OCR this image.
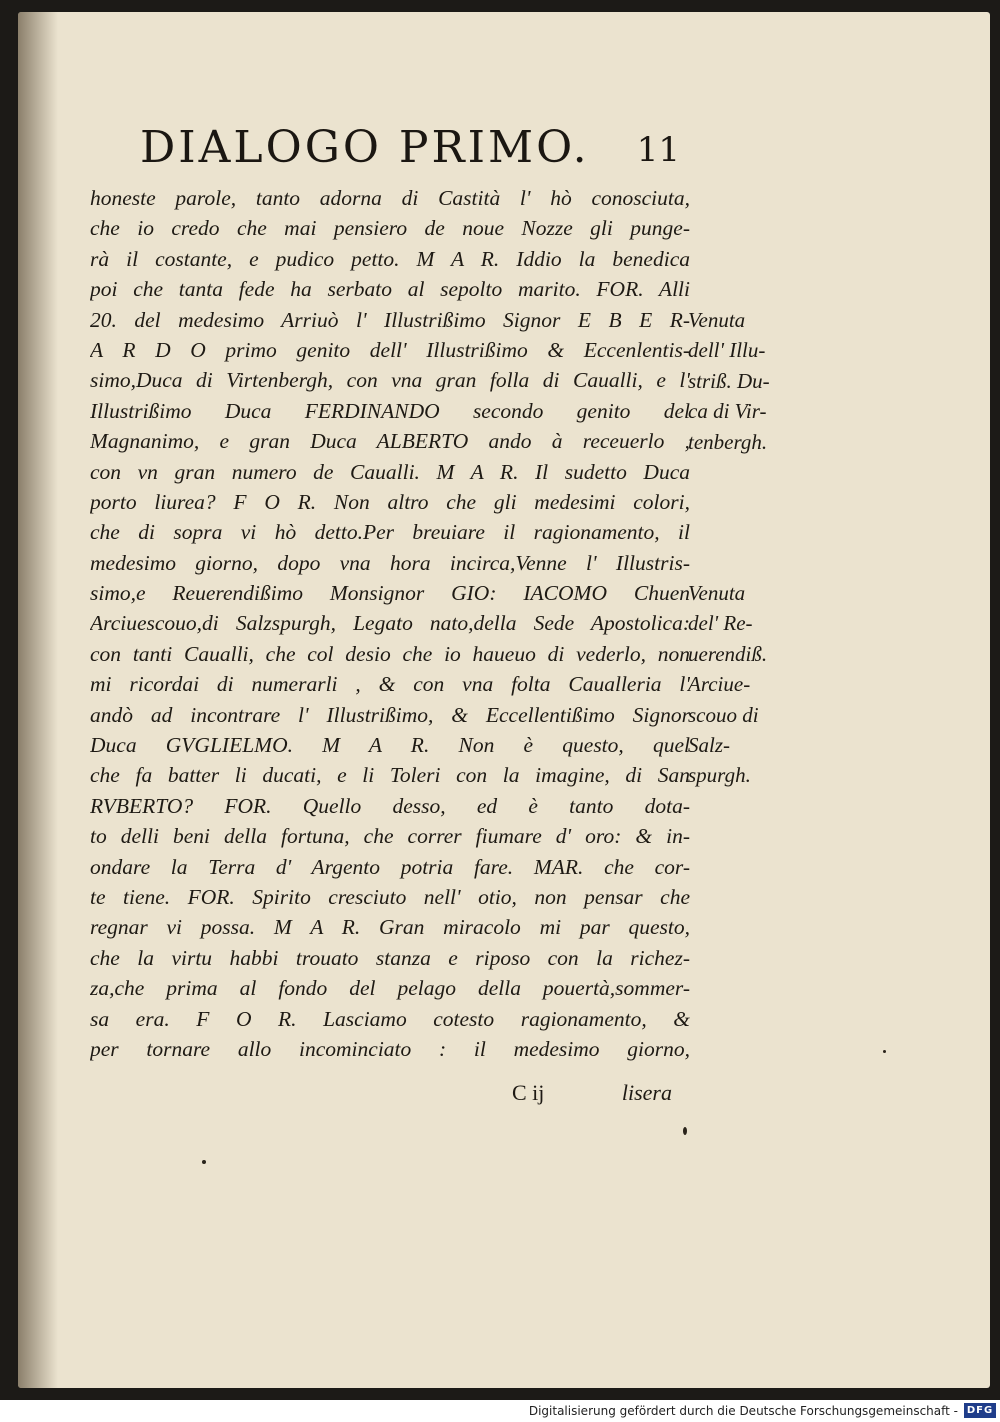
DIALOGO PRIMO. 11
honeste parole, tanto adorna di Castità l' hò conosciuta,
che io credo che mai pensiero de noue Nozze gli punge-
rà il costante, e pudico petto. M A R. Iddio la benedica
poi che tanta fede ha serbato al sepolto marito. FOR. Alli
20. del medesimo Arriuò l' Illustrißimo Signor E B E R-
A R D O primo genito dell' Illustrißimo & Eccenlentis-
simo,Duca di Virtenbergh, con vna gran folla di Caualli, e l'
Illustrißimo Duca FERDINANDO secondo genito del
Magnanimo, e gran Duca ALBERTO ando à receuerlo ,
con vn gran numero de Caualli. M A R. Il sudetto Duca
porto liurea? F O R. Non altro che gli medesimi colori,
che di sopra vi hò detto.Per breuiare il ragionamento, il
medesimo giorno, dopo vna hora incirca,Venne l' Illustris-
simo,e Reuerendißimo Monsignor GIO: IACOMO Chuen
Arciuescouo,di Salzspurgh, Legato nato,della Sede Apostolica:
con tanti Caualli, che col desio che io haueuo di vederlo, non
mi ricordai di numerarli , & con vna folta Caualleria l'
andò ad incontrare l' Illustrißimo, & Eccellentißimo Signor
Duca GVGLIELMO. M A R. Non è questo, quel
che fa batter li ducati, e li Toleri con la imagine, di San
RVBERTO? FOR. Quello desso, ed è tanto dota-
to delli beni della fortuna, che correr fiumare d' oro: & in-
ondare la Terra d' Argento potria fare. MAR. che cor-
te tiene. FOR. Spirito cresciuto nell' otio, non pensar che
regnar vi possa. M A R. Gran miracolo mi par questo,
che la virtu habbi trouato stanza e riposo con la richez-
za,che prima al fondo del pelago della pouertà,sommer-
sa era. F O R. Lasciamo cotesto ragionamento, &
per tornare allo incominciato : il medesimo giorno,
Venuta
dell' Illu-
striß. Du-
ca di Vir-
tenbergh.
Venuta
del' Re-
uerendiß.
Arciue-
scouo di
Salz-
spurgh.
C ij	lisera
Digitalisierung gefördert durch die Deutsche Forschungsgemeinschaft - DFG
